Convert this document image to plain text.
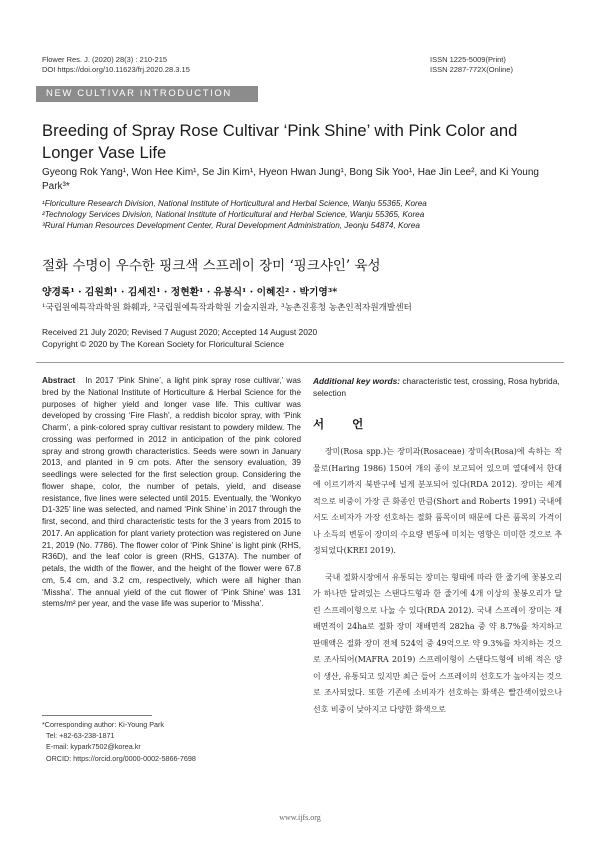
Flower Res. J. (2020) 28(3) : 210-215
DOI https://doi.org/10.11623/frj.2020.28.3.15
ISSN 1225-5009(Print)
ISSN 2287-772X(Online)
NEW CULTIVAR INTRODUCTION
Breeding of Spray Rose Cultivar ‘Pink Shine’ with Pink Color and Longer Vase Life
Gyeong Rok Yang¹, Won Hee Kim¹, Se Jin Kim¹, Hyeon Hwan Jung¹, Bong Sik Yoo¹, Hae Jin Lee², and Ki Young Park³*
¹Floriculture Research Division, National Institute of Horticultural and Herbal Science, Wanju 55365, Korea
²Technology Services Division, National Institute of Horticultural and Herbal Science, Wanju 55365, Korea
³Rural Human Resources Development Center, Rural Development Administration, Jeonju 54874, Korea
절화 수명이 우수한 핑크색 스프레이 장미 ‘핑크샤인’ 육성
양경록¹ · 김원희¹ · 김세진¹ · 정현환¹ · 유봉식¹ · 이혜진² · 박기영³*
¹국립원예특작과학원 화훼과, ²국립원예특작과학원 기술지원과, ³농촌진흥청 농촌인적자원개발센터
Received 21 July 2020; Revised 7 August 2020; Accepted 14 August 2020
Copyright © 2020 by The Korean Society for Floricultural Science
Abstract In 2017 ‘Pink Shine’, a light pink spray rose cultivar,’ was bred by the National Institute of Horticulture & Herbal Science for the purposes of higher yield and longer vase life. This cultivar was developed by crossing ‘Fire Flash’, a reddish bicolor spray, with ‘Pink Charm’, a pink-colored spray cultivar resistant to powdery mildew. The crossing was performed in 2012 in anticipation of the pink colored spray and strong growth characteristics. Seeds were sown in January 2013, and planted in 9 cm pots. After the sensory evaluation, 39 seedlings were selected for the first selection group. Considering the flower shape, color, the number of petals, yield, and disease resistance, five lines were selected until 2015. Eventually, the ‘Wonkyo D1-325’ line was selected, and named ‘Pink Shine’ in 2017 through the first, second, and third characteristic tests for the 3 years from 2015 to 2017. An application for plant variety protection was registered on June 21, 2019 (No. 7786). The flower color of ‘Pink Shine’ is light pink (RHS, R36D), and the leaf color is green (RHS, G137A). The number of petals, the width of the flower, and the height of the flower were 67.8 cm, 5.4 cm, and 3.2 cm, respectively, which were all higher than ‘Missha’. The annual yield of the cut flower of ‘Pink Shine’ was 131 stems/m² per year, and the vase life was superior to ‘Missha’.
*Corresponding author: Ki-Young Park
Tel: +82-63-238-1871
E-mail: kypark7502@korea.kr
ORCID: https://orcid.org/0000-0002-5866-7698
Additional key words: characteristic test, crossing, Rosa hybrida, selection
서 언

장미(Rosa spp.)는 장미과(Rosaceae) 장미속(Rosa)에 속하는 작물로(Haring 1986) 150여 개의 종이 보고되어 있으며 열대에서 한대에 이르기까지 북반구에 널게 분포되어 있다(RDA 2012). 장미는 세계적으로 비중이 가장 큰 화종인 만큼(Short and Roberts 1991) 국내에서도 소비자가 가장 선호하는 절화 품목이며 때문에 다른 품목의 가격이나 소득의 변동이 장미의 수요량 변동에 미치는 영향은 미미한 것으로 추정되었다(KREI 2019).

국내 절화시장에서 유통되는 장미는 형태에 따라 한 줄기에 꽃봉오리가 하나만 달려있는 스탠다드형과 한 줄기에 4개 이상의 꽃봉오리가 달린 스프레이형으로 나눌 수 있다(RDA 2012). 국내 스프레이 장미는 재배면적이 24ha로 절화 장미 재배면적 282ha 중 약 8.7%를 차지하고 판매액은 절화 장미 전체 524억 중 49억으로 약 9.3%를 차지하는 것으로 조사되어(MAFRA 2019) 스프레이형이 스탠다드형에 비해 적은 양이 생산, 유통되고 있지만 최근 들어 스프레이의 선호도가 높아지는 것으로 조사되었다. 또한 기존에 소비자가 선호하는 화색은 빨간색이었으나 선호 비중이 낮아지고 다양한 화색으로

www.ijfs.org
